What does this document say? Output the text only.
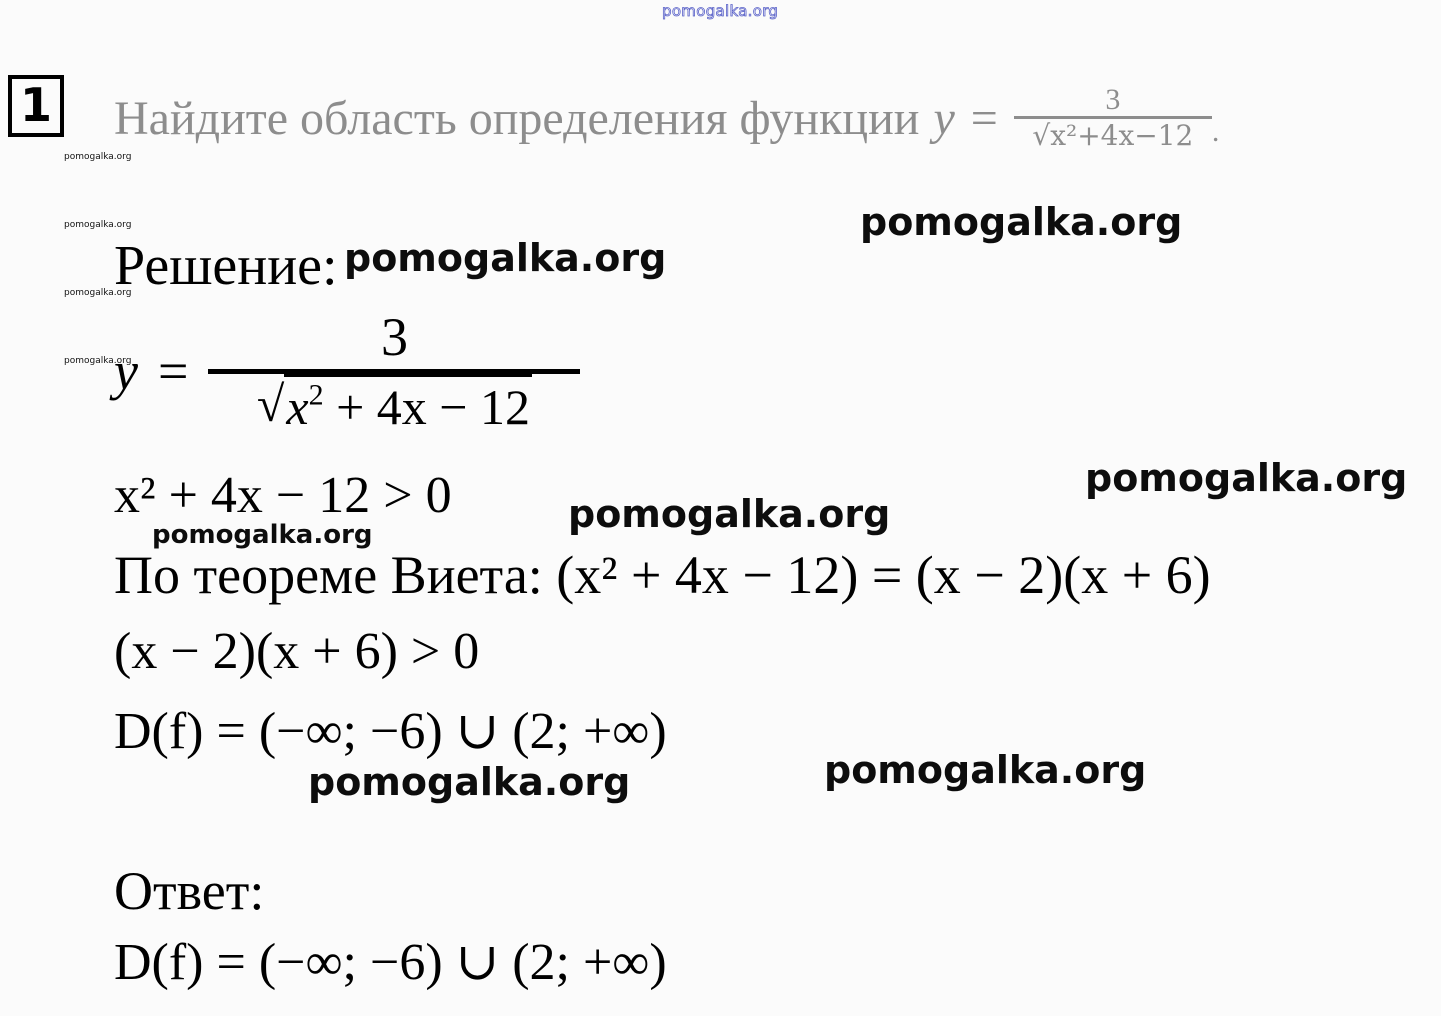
pomogalka.org
1 Найдите область определения функции $y = \frac{3}{\text{√x²+4x−12}}$ .
pomogalka.org
pomogalka.org
pomogalka.org
pomogalka.org
pomogalka.org
pomogalka.org
pomogalka.org
pomogalka.org
pomogalka.org
pomogalka.org	pomogalka.org
Решение:
y =
3
√ $x^2 + 4x - 12$
x² + 4x − 12 > 0
По теореме Виета: (x² + 4x − 12) = (x − 2)(x + 6)
(x − 2)(x + 6) > 0
D(f) = (−∞; −6) ∪ (2; +∞)
Ответ:
D(f) = (−∞; −6) ∪ (2; +∞)
